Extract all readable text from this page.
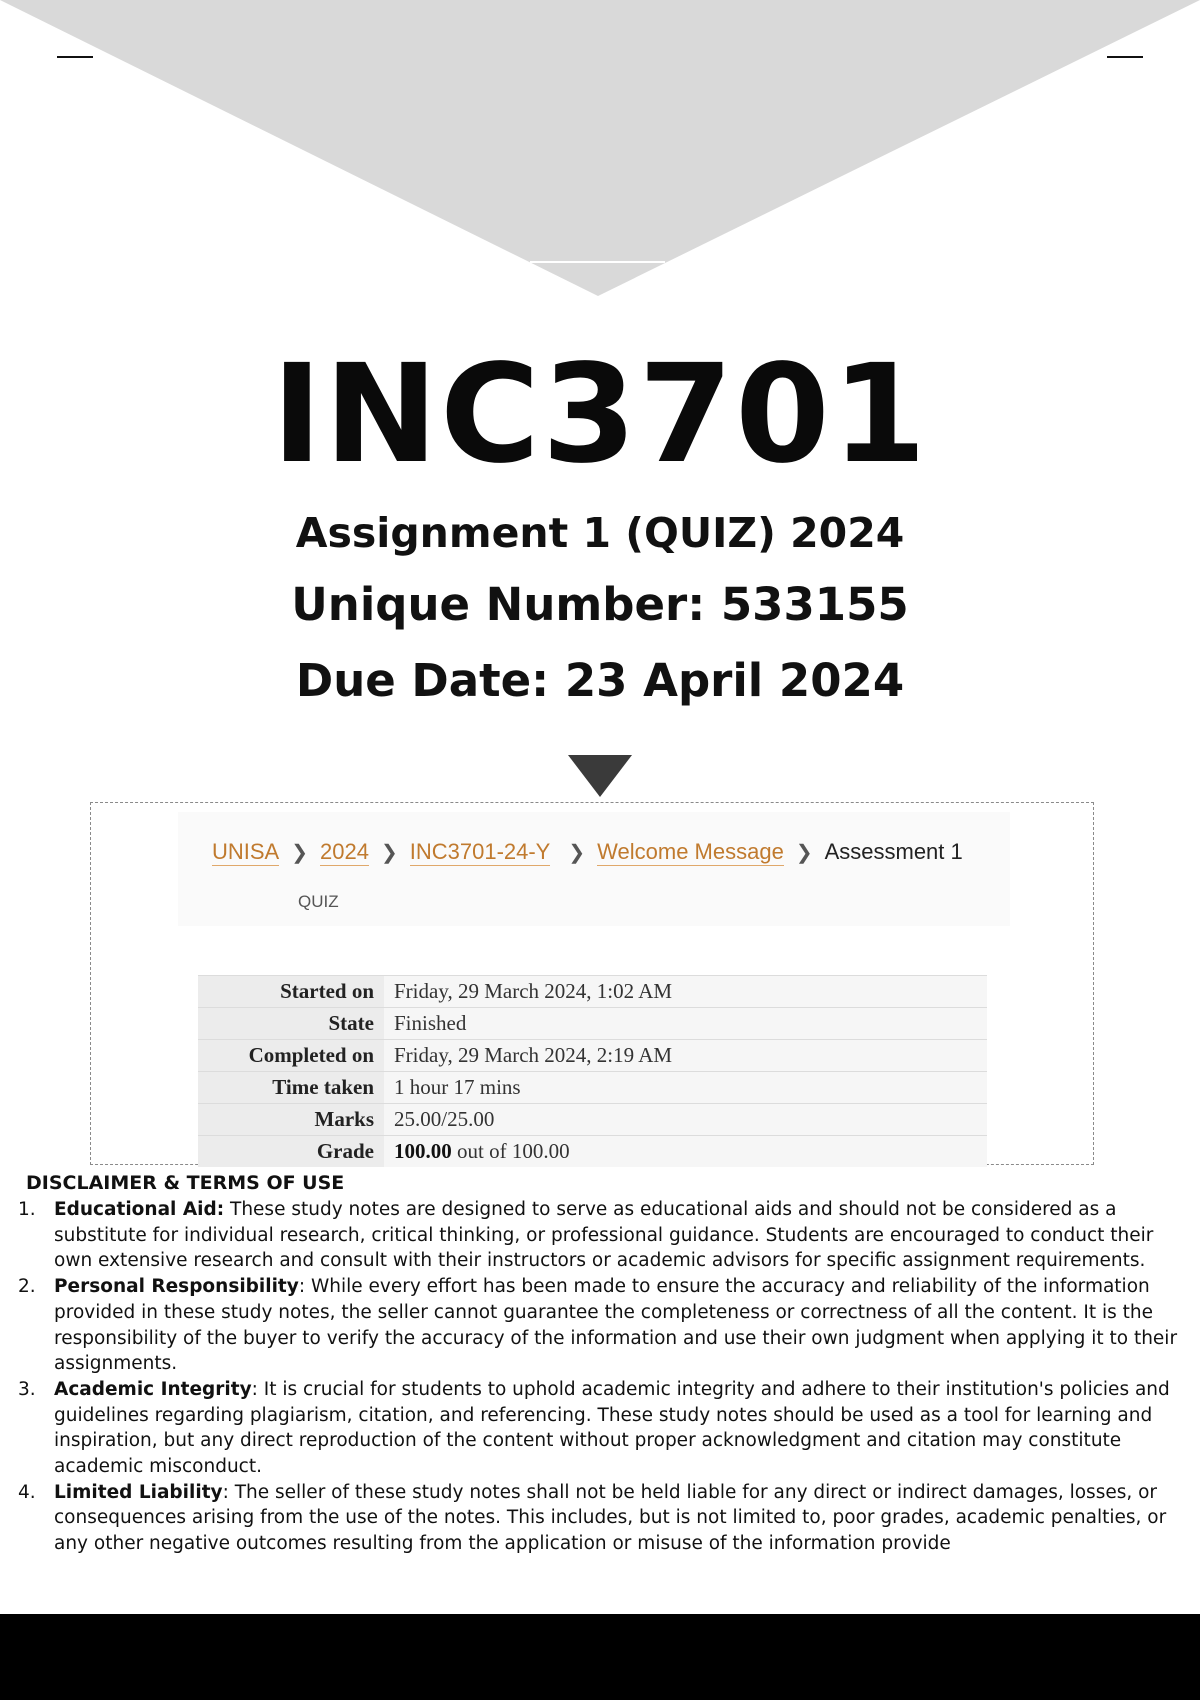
INC3701
Assignment 1 (QUIZ) 2024
Unique Number: 533155
Due Date: 23 April 2024
UNISA ❯ 2024 ❯ INC3701-24-Y ❯ Welcome Message ❯ Assessment 1
QUIZ
Started on	Friday, 29 March 2024, 1:02 AM
State	Finished
Completed on	Friday, 29 March 2024, 2:19 AM
Time taken	1 hour 17 mins
Marks	25.00/25.00
Grade	100.00 out of 100.00
DISCLAIMER & TERMS OF USE
1. Educational Aid: These study notes are designed to serve as educational aids and should not be considered as a substitute for individual research, critical thinking, or professional guidance. Students are encouraged to conduct their own extensive research and consult with their instructors or academic advisors for specific assignment requirements.
2. Personal Responsibility: While every effort has been made to ensure the accuracy and reliability of the information provided in these study notes, the seller cannot guarantee the completeness or correctness of all the content. It is the responsibility of the buyer to verify the accuracy of the information and use their own judgment when applying it to their assignments.
3. Academic Integrity: It is crucial for students to uphold academic integrity and adhere to their institution's policies and guidelines regarding plagiarism, citation, and referencing. These study notes should be used as a tool for learning and inspiration, but any direct reproduction of the content without proper acknowledgment and citation may constitute academic misconduct.
4. Limited Liability: The seller of these study notes shall not be held liable for any direct or indirect damages, losses, or consequences arising from the use of the notes. This includes, but is not limited to, poor grades, academic penalties, or any other negative outcomes resulting from the application or misuse of the information provide
